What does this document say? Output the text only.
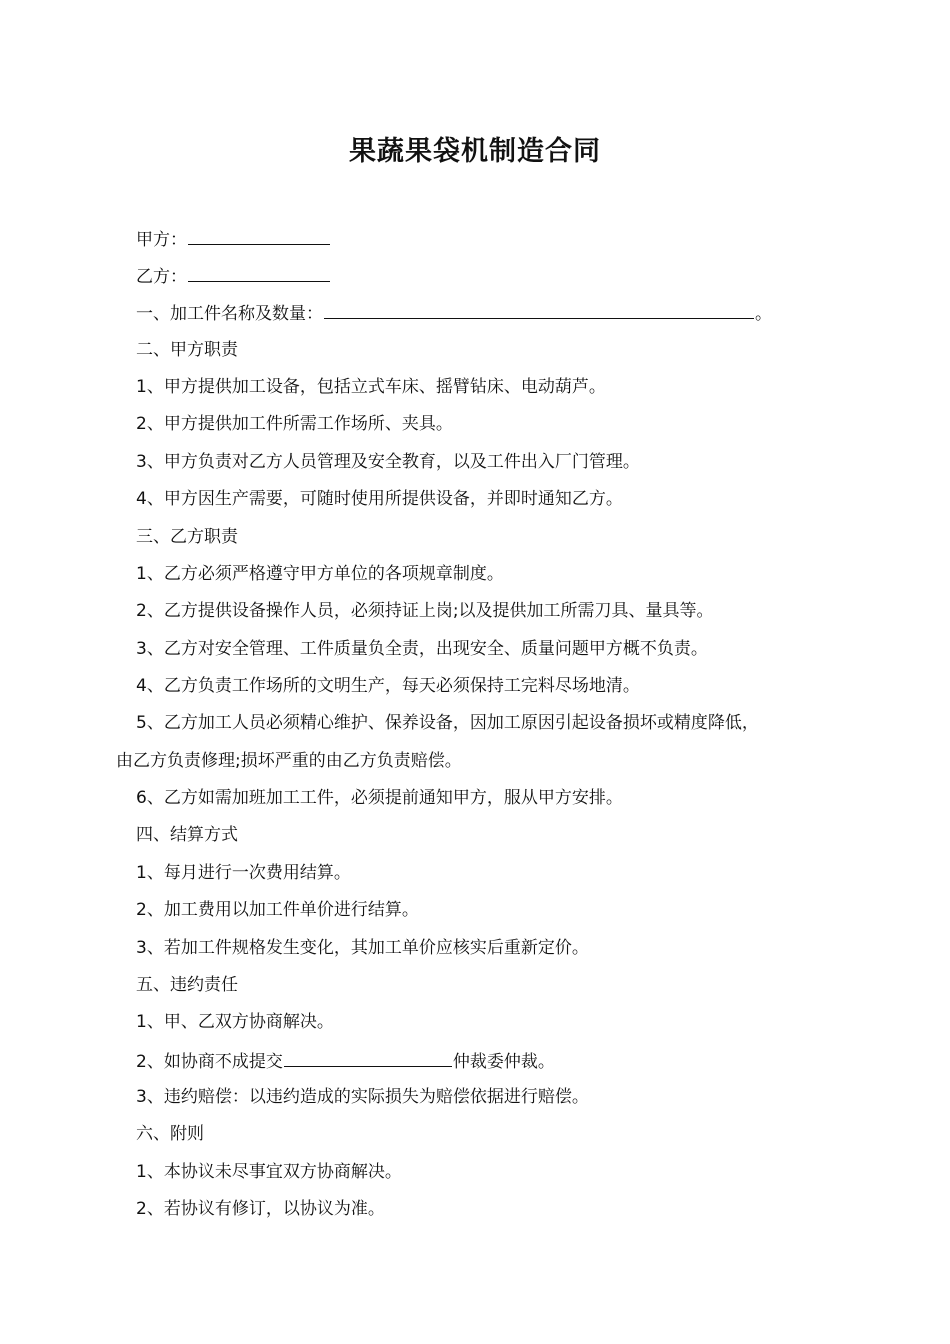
果蔬果袋机制造合同
甲方：
乙方：
一、加工件名称及数量：	。
二、甲方职责
1、甲方提供加工设备，包括立式车床、摇臂钻床、电动葫芦。
2、甲方提供加工件所需工作场所、夹具。
3、甲方负责对乙方人员管理及安全教育，以及工件出入厂门管理。
4、甲方因生产需要，可随时使用所提供设备，并即时通知乙方。
三、乙方职责
1、乙方必须严格遵守甲方单位的各项规章制度。
2、乙方提供设备操作人员，必须持证上岗;以及提供加工所需刀具、量具等。
3、乙方对安全管理、工件质量负全责，出现安全、质量问题甲方概不负责。
4、乙方负责工作场所的文明生产，每天必须保持工完料尽场地清。
5、乙方加工人员必须精心维护、保养设备，因加工原因引起设备损坏或精度降低，
由乙方负责修理;损坏严重的由乙方负责赔偿。
6、乙方如需加班加工工件，必须提前通知甲方，服从甲方安排。
四、结算方式
1、每月进行一次费用结算。
2、加工费用以加工件单价进行结算。
3、若加工件规格发生变化，其加工单价应核实后重新定价。
五、违约责任
1、甲、乙双方协商解决。
2、如协商不成提交	仲裁委仲裁。
3、违约赔偿：以违约造成的实际损失为赔偿依据进行赔偿。
六、附则
1、本协议未尽事宜双方协商解决。
2、若协议有修订，以协议为准。
